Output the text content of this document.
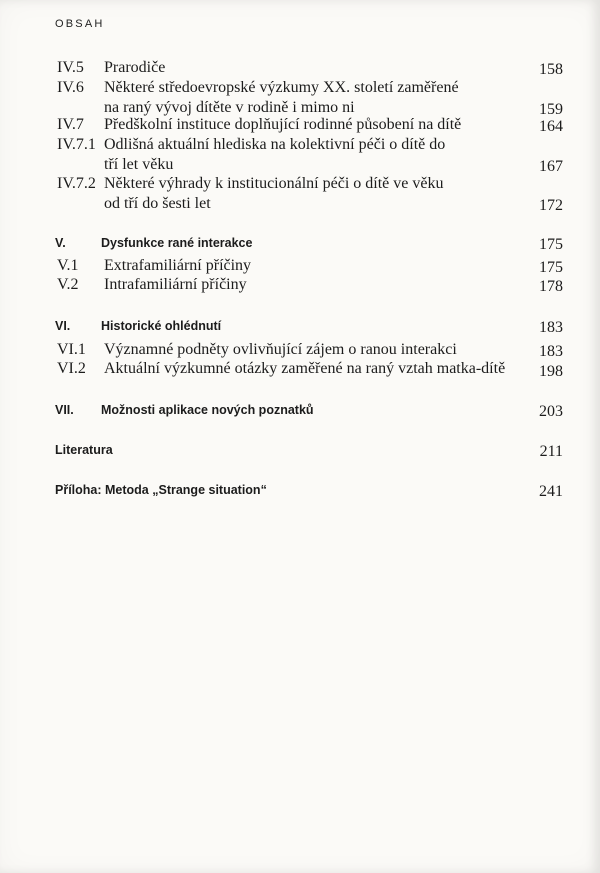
OBSAH
IV.5 Prarodiče	158
IV.6 Některé středoevropské výzkumy XX. století zaměřené
na raný vývoj dítěte v rodině i mimo ni	159
IV.7 Předškolní instituce doplňující rodinné působení na dítě	164
IV.7.1 Odlišná aktuální hlediska na kolektivní péči o dítě do
tří let věku	167
IV.7.2 Některé výhrady k institucionální péči o dítě ve věku
od tří do šesti let	172
V.	Dysfunkce rané interakce	175
V.1 Extrafamiliární příčiny	175
V.2 Intrafamiliární příčiny	178
VI. Historické ohlédnutí	183
VI.1 Významné podněty ovlivňující zájem o ranou interakci	183
VI.2 Aktuální výzkumné otázky zaměřené na raný vztah matka-dítě 198
VII. Možnosti aplikace nových poznatků	203
Literatura	211
Příloha: Metoda „Strange situation“	241
